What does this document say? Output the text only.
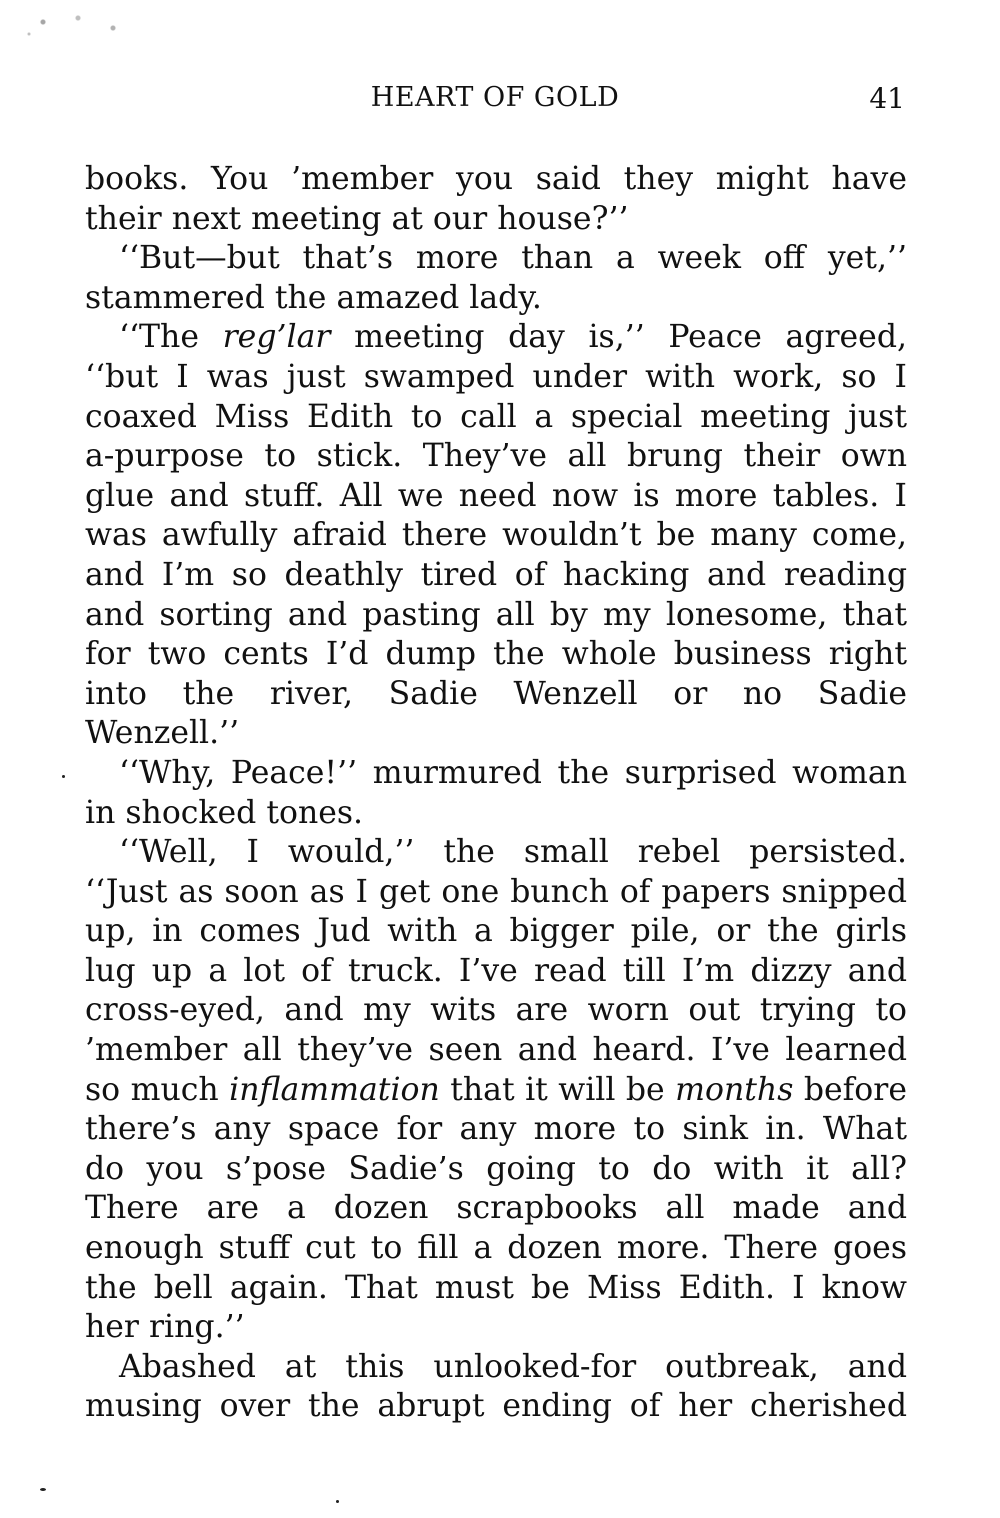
HEART OF GOLD	41
books. You ’member you said they might have
their next meeting at our house?’’
‘‘But—but that’s more than a week off yet,’’
stammered the amazed lady.
‘‘The reg’lar meeting day is,’’ Peace agreed,
‘‘but I was just swamped under with work, so I
coaxed Miss Edith to call a special meeting just
a-purpose to stick. They’ve all brung their own
glue and stuff. All we need now is more tables. I
was awfully afraid there wouldn’t be many come,
and I’m so deathly tired of hacking and reading
and sorting and pasting all by my lonesome, that
for two cents I’d dump the whole business right
into the river, Sadie Wenzell or no Sadie
Wenzell.’’
‘‘Why, Peace!’’ murmured the surprised woman
in shocked tones.
‘‘Well, I would,’’ the small rebel persisted.
‘‘Just as soon as I get one bunch of papers snipped
up, in comes Jud with a bigger pile, or the girls
lug up a lot of truck. I’ve read till I’m dizzy and
cross-eyed, and my wits are worn out trying to
’member all they’ve seen and heard. I’ve learned
so much inflammation that it will be months before
there’s any space for any more to sink in. What
do you s’pose Sadie’s going to do with it all?
There are a dozen scrapbooks all made and
enough stuff cut to fill a dozen more. There goes
the bell again. That must be Miss Edith. I know
her ring.’’
Abashed at this unlooked-for outbreak, and
musing over the abrupt ending of her cherished
